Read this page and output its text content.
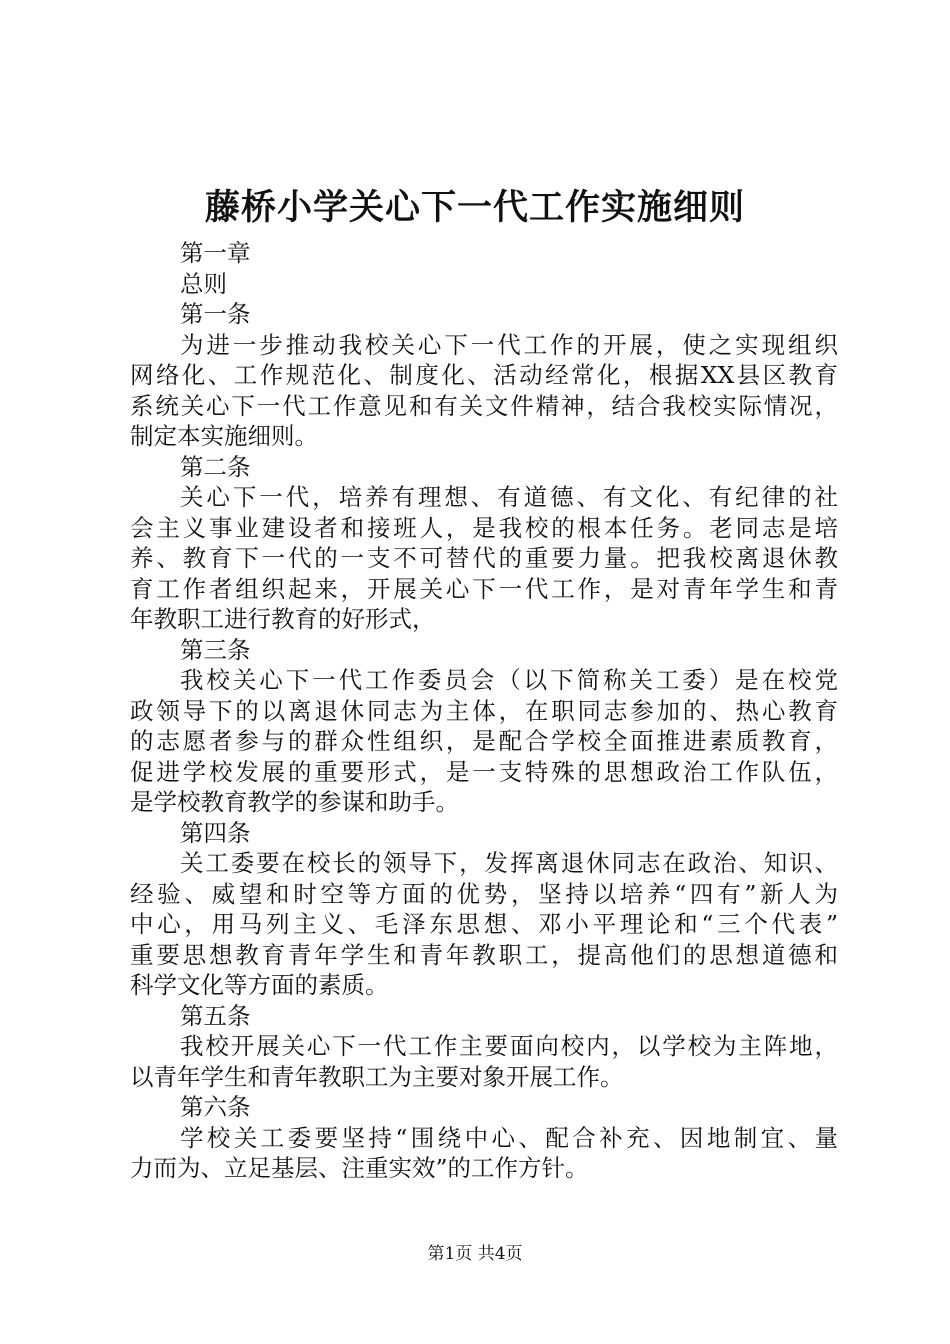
藤桥小学关心下一代工作实施细则
第一章
总则
第一条
为进一步推动我校关心下一代工作的开展，使之实现组织
网络化、工作规范化、制度化、活动经常化，根据XX县区教育
系统关心下一代工作意见和有关文件精神，结合我校实际情况，
制定本实施细则。
第二条
关心下一代，培养有理想、有道德、有文化、有纪律的社
会主义事业建设者和接班人，是我校的根本任务。老同志是培
养、教育下一代的一支不可替代的重要力量。把我校离退休教
育工作者组织起来，开展关心下一代工作，是对青年学生和青
年教职工进行教育的好形式，
第三条
我校关心下一代工作委员会（以下简称关工委）是在校党
政领导下的以离退休同志为主体，在职同志参加的、热心教育
的志愿者参与的群众性组织，是配合学校全面推进素质教育，
促进学校发展的重要形式，是一支特殊的思想政治工作队伍，
是学校教育教学的参谋和助手。
第四条
关工委要在校长的领导下，发挥离退休同志在政治、知识、
经验、威望和时空等方面的优势，坚持以培养“四有”新人为
中心，用马列主义、毛泽东思想、邓小平理论和“三个代表”
重要思想教育青年学生和青年教职工，提高他们的思想道德和
科学文化等方面的素质。
第五条
我校开展关心下一代工作主要面向校内，以学校为主阵地，
以青年学生和青年教职工为主要对象开展工作。
第六条
学校关工委要坚持“围绕中心、配合补充、因地制宜、量
力而为、立足基层、注重实效”的工作方针。
第1页 共4页
